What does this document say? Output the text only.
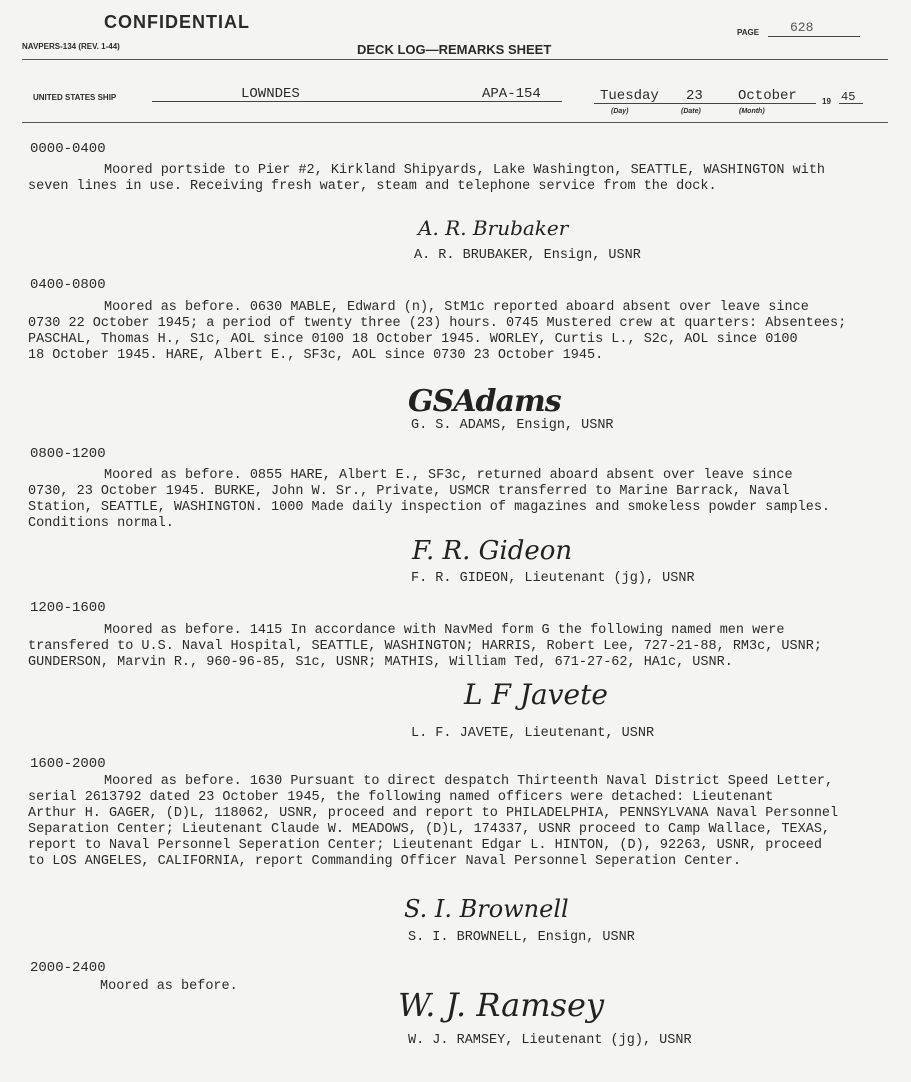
CONFIDENTIAL
NAVPERS-134 (REV. 1-44)	DECK LOG—REMARKS SHEET
PAGE 628
UNITED STATES SHIP	LOWNDES	APA-154	Tuesday 23	October	19 45
(Day)	(Date)	(Month)
0000-0400
Moored portside to Pier #2, Kirkland Shipyards, Lake Washington, SEATTLE, WASHINGTON with
seven lines in use. Receiving fresh water, steam and telephone service from the dock.
A. R. Brubaker
A. R. BRUBAKER, Ensign, USNR
0400-0800
Moored as before. 0630 MABLE, Edward (n), StM1c reported aboard absent over leave since
0730 22 October 1945; a period of twenty three (23) hours. 0745 Mustered crew at quarters: Absentees;
PASCHAL, Thomas H., S1c, AOL since 0100 18 October 1945. WORLEY, Curtis L., S2c, AOL since 0100
18 October 1945. HARE, Albert E., SF3c, AOL since 0730 23 October 1945.
GSAdams
G. S. ADAMS, Ensign, USNR
0800-1200
Moored as before. 0855 HARE, Albert E., SF3c, returned aboard absent over leave since
0730, 23 October 1945. BURKE, John W. Sr., Private, USMCR transferred to Marine Barrack, Naval
Station, SEATTLE, WASHINGTON. 1000 Made daily inspection of magazines and smokeless powder samples.
Conditions normal.
F. R. Gideon
F. R. GIDEON, Lieutenant (jg), USNR
1200-1600
Moored as before. 1415 In accordance with NavMed form G the following named men were
transfered to U.S. Naval Hospital, SEATTLE, WASHINGTON; HARRIS, Robert Lee, 727-21-88, RM3c, USNR;
GUNDERSON, Marvin R., 960-96-85, S1c, USNR; MATHIS, William Ted, 671-27-62, HA1c, USNR.
L F Javete
L. F. JAVETE, Lieutenant, USNR
1600-2000
Moored as before. 1630 Pursuant to direct despatch Thirteenth Naval District Speed Letter,
serial 2613792 dated 23 October 1945, the following named officers were detached: Lieutenant
Arthur H. GAGER, (D)L, 118062, USNR, proceed and report to PHILADELPHIA, PENNSYLVANA Naval Personnel
Separation Center; Lieutenant Claude W. MEADOWS, (D)L, 174337, USNR proceed to Camp Wallace, TEXAS,
report to Naval Personnel Seperation Center; Lieutenant Edgar L. HINTON, (D), 92263, USNR, proceed
to LOS ANGELES, CALIFORNIA, report Commanding Officer Naval Personnel Seperation Center.
S. I. Brownell
S. I. BROWNELL, Ensign, USNR
2000-2400
Moored as before.	W. J. Ramsey
W. J. RAMSEY, Lieutenant (jg), USNR
